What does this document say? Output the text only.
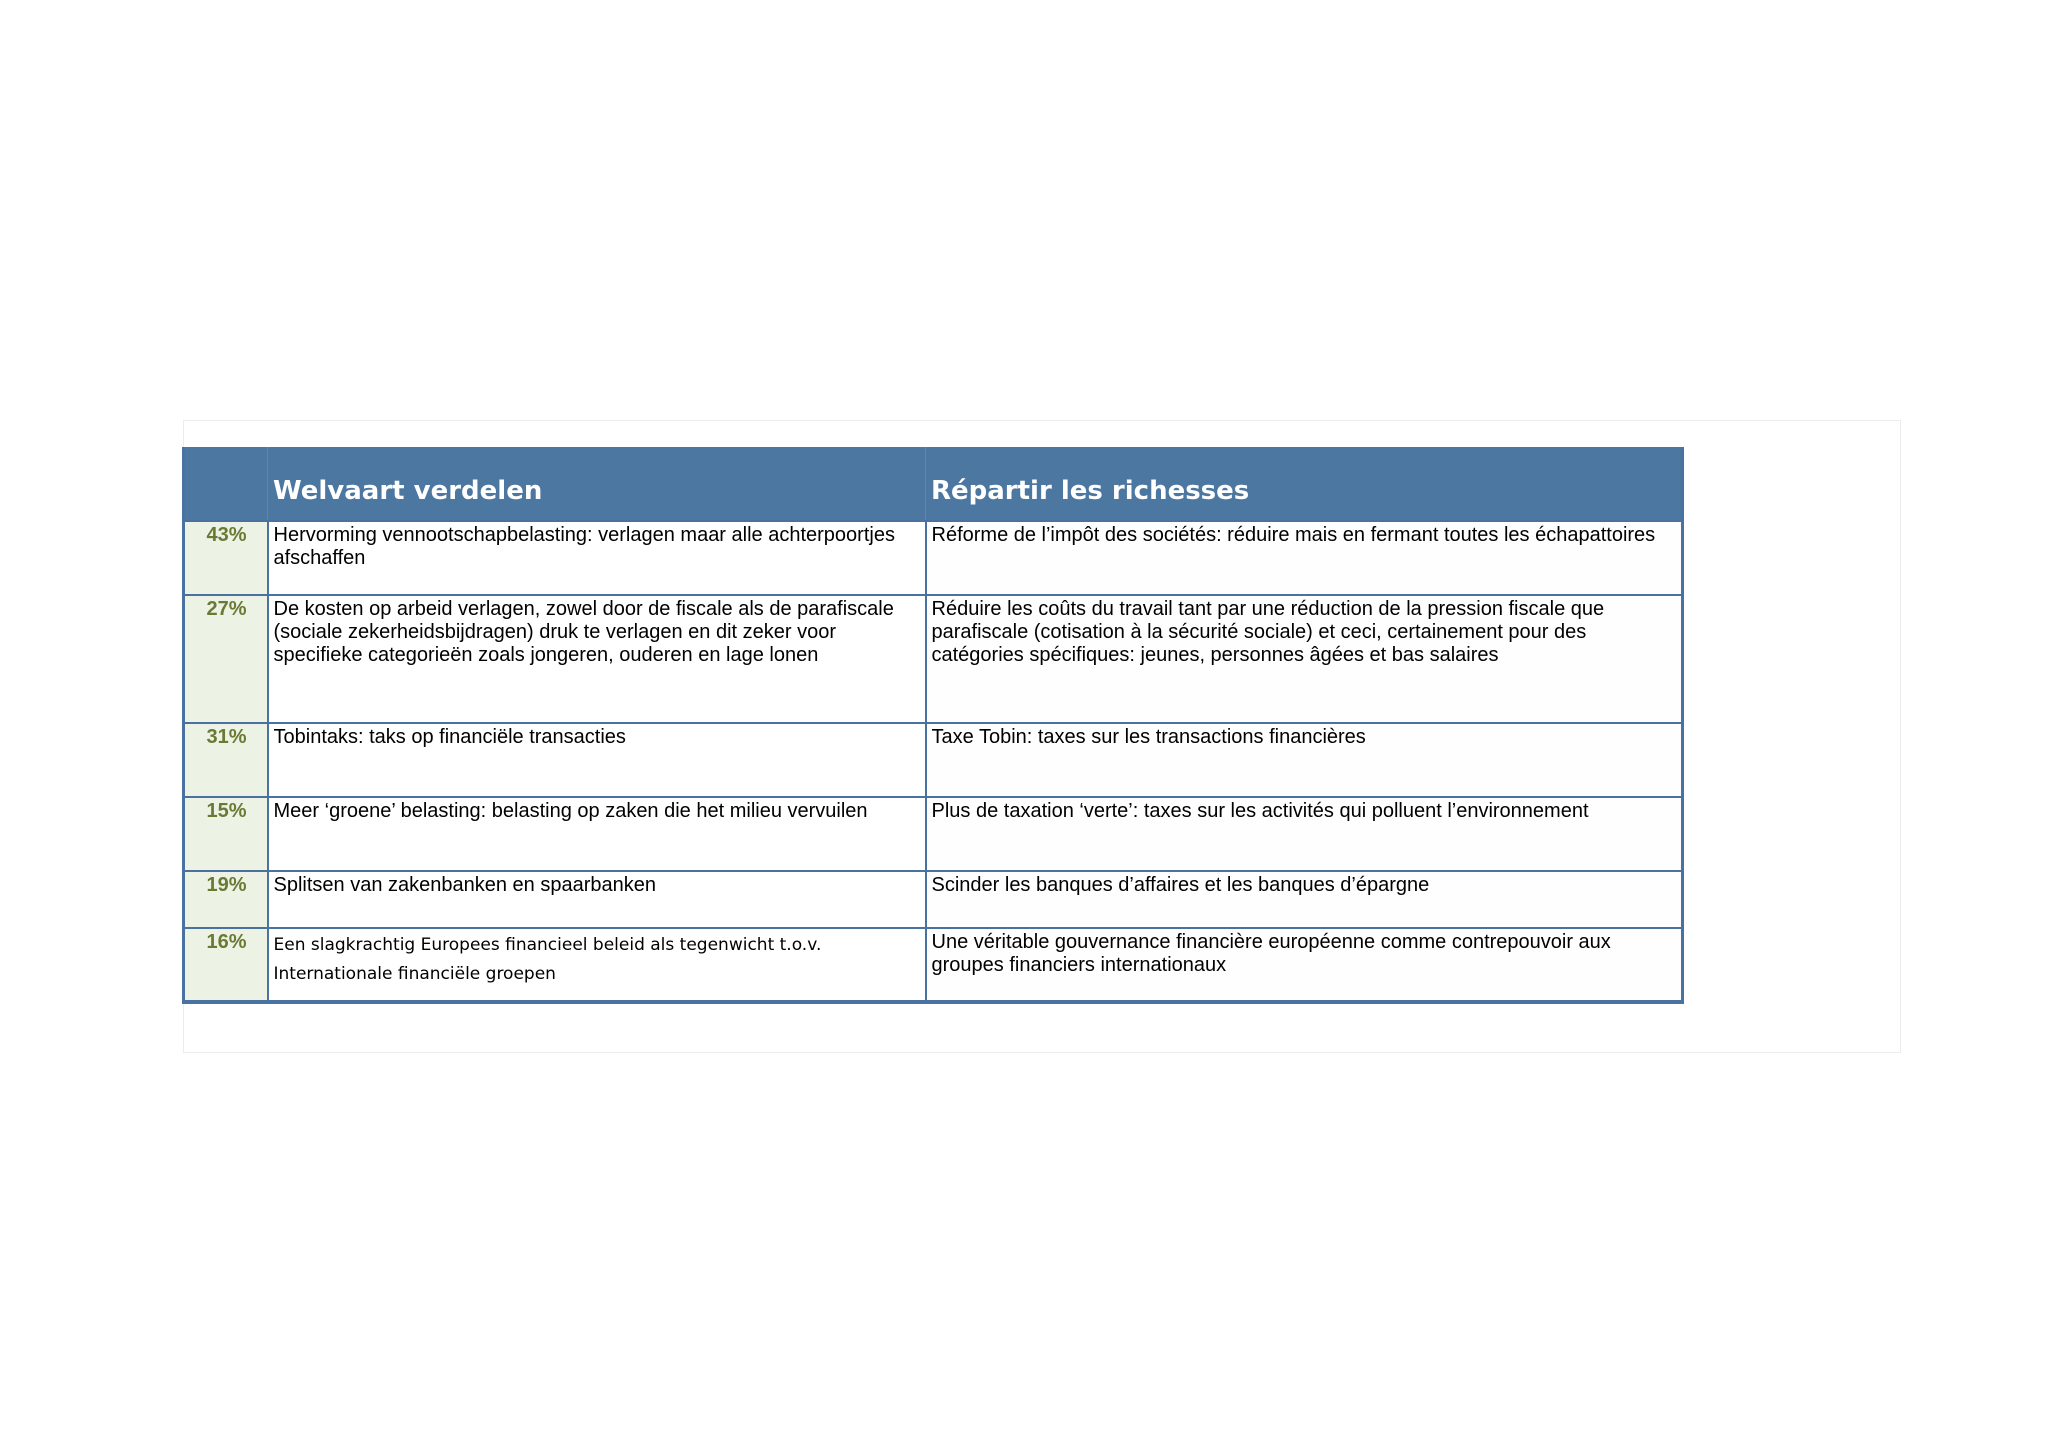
	Welvaart verdelen	Répartir les richesses
43%	Hervorming vennootschapbelasting: verlagen maar alle achterpoortjes afschaffen	Réforme de l’impôt des sociétés: réduire mais en fermant toutes les échapattoires
27%	De kosten op arbeid verlagen, zowel door de fiscale als de parafiscale (sociale zekerheidsbijdragen) druk te verlagen en dit zeker voor specifieke categorieën zoals jongeren, ouderen en lage lonen	Réduire les coûts du travail tant par une réduction de la pression fiscale que parafiscale (cotisation à la sécurité sociale) et ceci, certainement pour des catégories spécifiques: jeunes, personnes âgées et bas salaires
31%	Tobintaks: taks op financiële transacties	Taxe Tobin: taxes sur les transactions financières
15%	Meer ‘groene’ belasting: belasting op zaken die het milieu vervuilen	Plus de taxation ‘verte’: taxes sur les activités qui polluent l’environnement
19%	Splitsen van zakenbanken en spaarbanken	Scinder les banques d’affaires et les banques d’épargne
16%	Een slagkrachtig Europees financieel beleid als tegenwicht t.o.v. Internationale financiële groepen	Une véritable gouvernance financière européenne comme contrepouvoir aux groupes financiers internationaux
